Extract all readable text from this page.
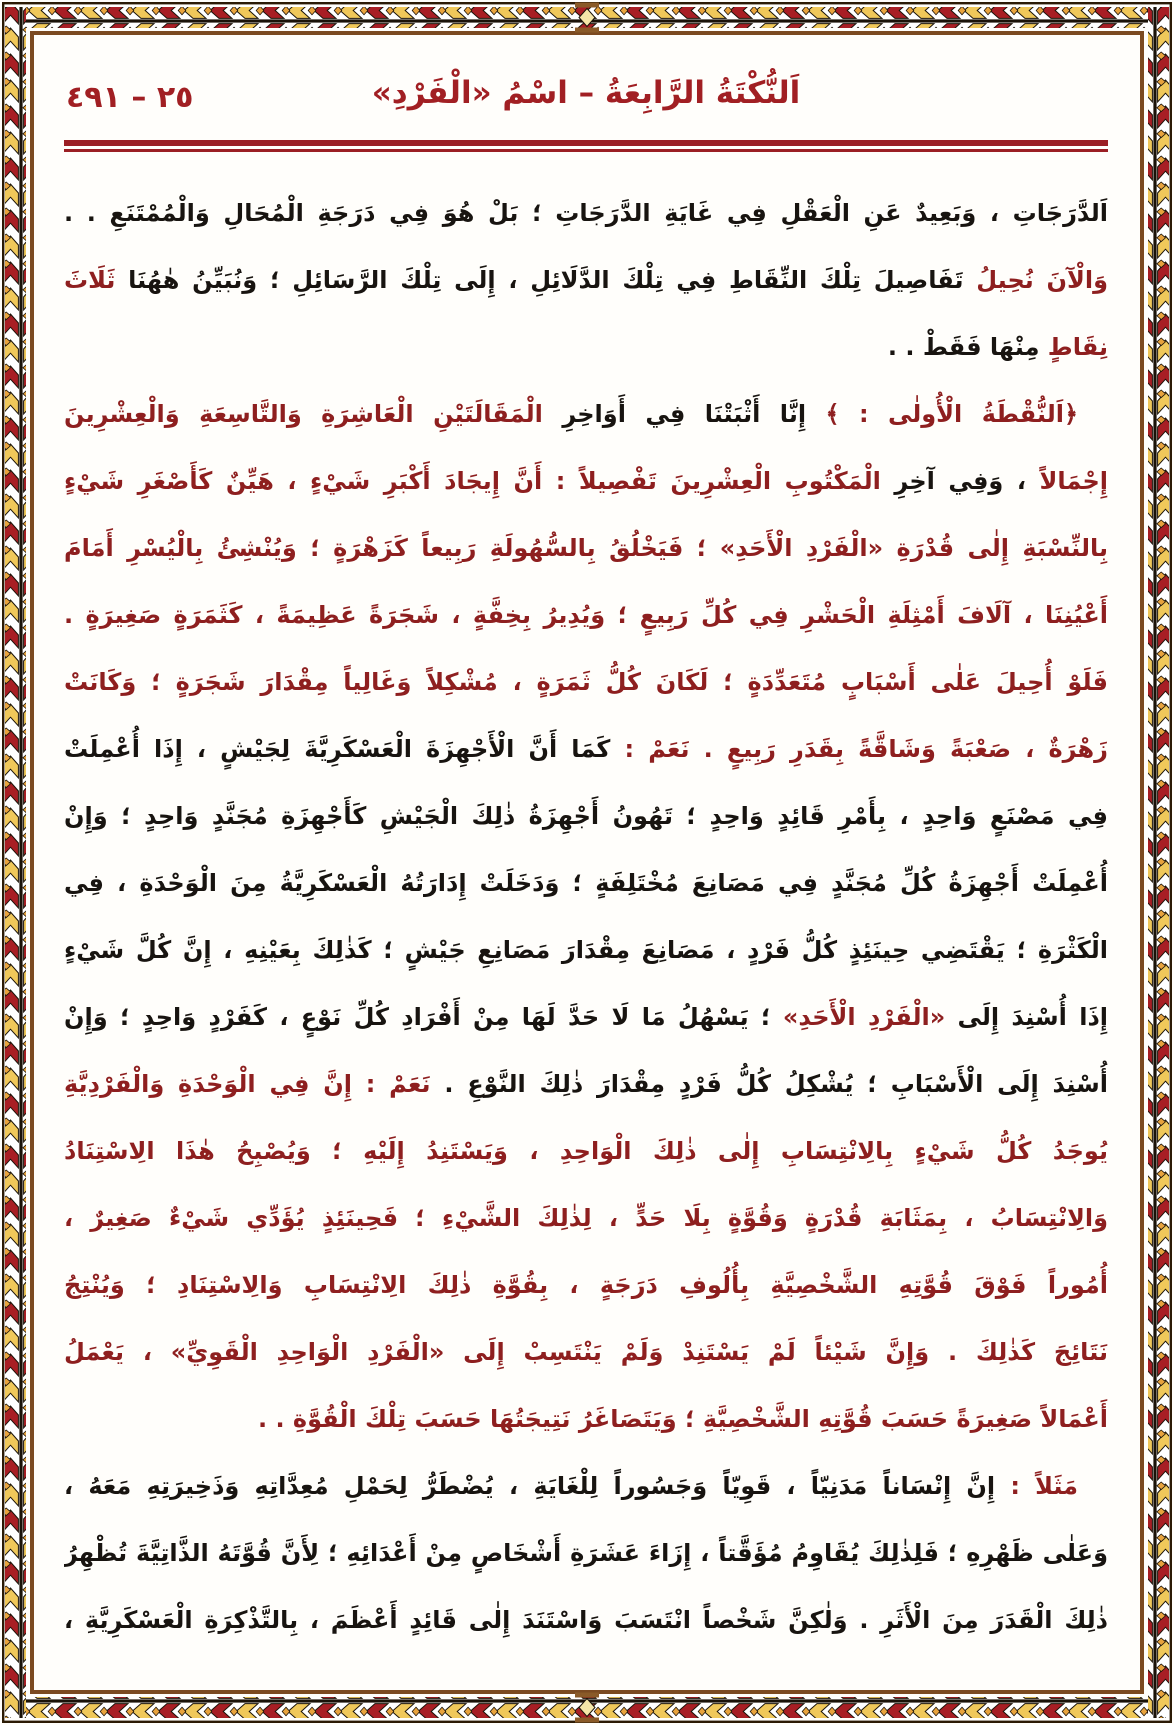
٢٥ – ٤٩١	اَلنُّكْتَةُ الرَّابِعَةُ – اسْمُ «الْفَرْدِ»
اَلدَّرَجَاتِ ، وَبَعِيدٌ عَنِ الْعَقْلِ فِي غَايَةِ الدَّرَجَاتِ ؛ بَلْ هُوَ فِي دَرَجَةِ الْمُحَالِ وَالْمُمْتَنَعِ . .
وَالْآنَ نُحِيلُ تَفَاصِيلَ تِلْكَ النِّقَاطِ فِي تِلْكَ الدَّلَائِلِ ، إِلَى تِلْكَ الرَّسَائِلِ ؛ وَنُبَيِّنُ هٰهُنَا ثَلَاثَ
نِقَاطٍ مِنْهَا فَقَطْ . .
﴿اَلنُّقْطَةُ الْأُولٰى : ﴾ إِنَّا أَثْبَتْنَا فِي أَوَاخِرِ الْمَقَالَتَيْنِ الْعَاشِرَةِ وَالتَّاسِعَةِ وَالْعِشْرِينَ
إِجْمَالاً ، وَفِي آخِرِ الْمَكْتُوبِ الْعِشْرِينَ تَفْصِيلاً : أَنَّ إِيجَادَ أَكْبَرِ شَيْءٍ ، هَيِّنٌ كَأَصْغَرِ شَيْءٍ
بِالنِّسْبَةِ إِلٰى قُدْرَةِ «الْفَرْدِ الْأَحَدِ» ؛ فَيَخْلُقُ بِالسُّهُولَةِ رَبِيعاً كَزَهْرَةٍ ؛ وَيُنْشِئُ بِالْيُسْرِ أَمَامَ
أَعْيُنِنَا ، آلَافَ أَمْثِلَةِ الْحَشْرِ فِي كُلِّ رَبِيعٍ ؛ وَيُدِيرُ بِخِفَّةٍ ، شَجَرَةً عَظِيمَةً ، كَثَمَرَةٍ صَغِيرَةٍ .
فَلَوْ أُحِيلَ عَلٰى أَسْبَابٍ مُتَعَدِّدَةٍ ؛ لَكَانَ كُلُّ ثَمَرَةٍ ، مُشْكِلاً وَغَالِياً مِقْدَارَ شَجَرَةٍ ؛ وَكَانَتْ
زَهْرَةٌ ، صَعْبَةً وَشَاقَّةً بِقَدَرِ رَبِيعٍ . نَعَمْ : كَمَا أَنَّ الْأَجْهِزَةَ الْعَسْكَرِيَّةَ لِجَيْشٍ ، إِذَا أُعْمِلَتْ
فِي مَصْنَعٍ وَاحِدٍ ، بِأَمْرِ قَائِدٍ وَاحِدٍ ؛ تَهُونُ أَجْهِزَةُ ذٰلِكَ الْجَيْشِ كَأَجْهِزَةِ مُجَنَّدٍ وَاحِدٍ ؛ وَإِنْ
أُعْمِلَتْ أَجْهِزَةُ كُلِّ مُجَنَّدٍ فِي مَصَانِعَ مُخْتَلِفَةٍ ؛ وَدَخَلَتْ إِدَارَتُهُ الْعَسْكَرِيَّةُ مِنَ الْوَحْدَةِ ، فِي
الْكَثْرَةِ ؛ يَقْتَضِي حِينَئِذٍ كُلُّ فَرْدٍ ، مَصَانِعَ مِقْدَارَ مَصَانِعِ جَيْشٍ ؛ كَذٰلِكَ بِعَيْنِهِ ، إِنَّ كُلَّ شَيْءٍ
إِذَا أُسْنِدَ إِلَى «الْفَرْدِ الْأَحَدِ» ؛ يَسْهُلُ مَا لَا حَدَّ لَهَا مِنْ أَفْرَادِ كُلِّ نَوْعٍ ، كَفَرْدٍ وَاحِدٍ ؛ وَإِنْ
أُسْنِدَ إِلَى الْأَسْبَابِ ؛ يُشْكِلُ كُلُّ فَرْدٍ مِقْدَارَ ذٰلِكَ النَّوْعِ . نَعَمْ : إِنَّ فِي الْوَحْدَةِ وَالْفَرْدِيَّةِ
يُوجَدُ كُلُّ شَيْءٍ بِالِانْتِسَابِ إِلٰى ذٰلِكَ الْوَاحِدِ ، وَيَسْتَنِدُ إِلَيْهِ ؛ وَيُصْبِحُ هٰذَا الِاسْتِنَادُ
وَالِانْتِسَابُ ، بِمَثَابَةِ قُدْرَةٍ وَقُوَّةٍ بِلَا حَدٍّ ، لِذٰلِكَ الشَّيْءِ ؛ فَحِينَئِذٍ يُؤَدِّي شَيْءٌ صَغِيرٌ ،
أُمُوراً فَوْقَ قُوَّتِهِ الشَّخْصِيَّةِ بِأُلُوفِ دَرَجَةٍ ، بِقُوَّةِ ذٰلِكَ الِانْتِسَابِ وَالِاسْتِنَادِ ؛ وَيُنْتِجُ
نَتَائِجَ كَذٰلِكَ . وَإِنَّ شَيْئاً لَمْ يَسْتَنِدْ وَلَمْ يَنْتَسِبْ إِلَى «الْفَرْدِ الْوَاحِدِ الْقَوِيِّ» ، يَعْمَلُ
أَعْمَالاً صَغِيرَةً حَسَبَ قُوَّتِهِ الشَّخْصِيَّةِ ؛ وَيَتَصَاغَرُ نَتِيجَتُهَا حَسَبَ تِلْكَ الْقُوَّةِ . .
مَثَلاً : إِنَّ إِنْسَاناً مَدَنِيّاً ، قَوِيّاً وَجَسُوراً لِلْغَايَةِ ، يُضْطَرُّ لِحَمْلِ مُعِدَّاتِهِ وَذَخِيرَتِهِ مَعَهُ ،
وَعَلٰى ظَهْرِهِ ؛ فَلِذٰلِكَ يُقَاوِمُ مُؤَقَّتاً ، إِزَاءَ عَشَرَةِ أَشْخَاصٍ مِنْ أَعْدَائِهِ ؛ لِأَنَّ قُوَّتَهُ الذَّاتِيَّةَ تُظْهِرُ
ذٰلِكَ الْقَدَرَ مِنَ الْأَثَرِ . وَلٰكِنَّ شَخْصاً انْتَسَبَ وَاسْتَنَدَ إِلٰى قَائِدٍ أَعْظَمَ ، بِالتَّذْكِرَةِ الْعَسْكَرِيَّةِ ،
